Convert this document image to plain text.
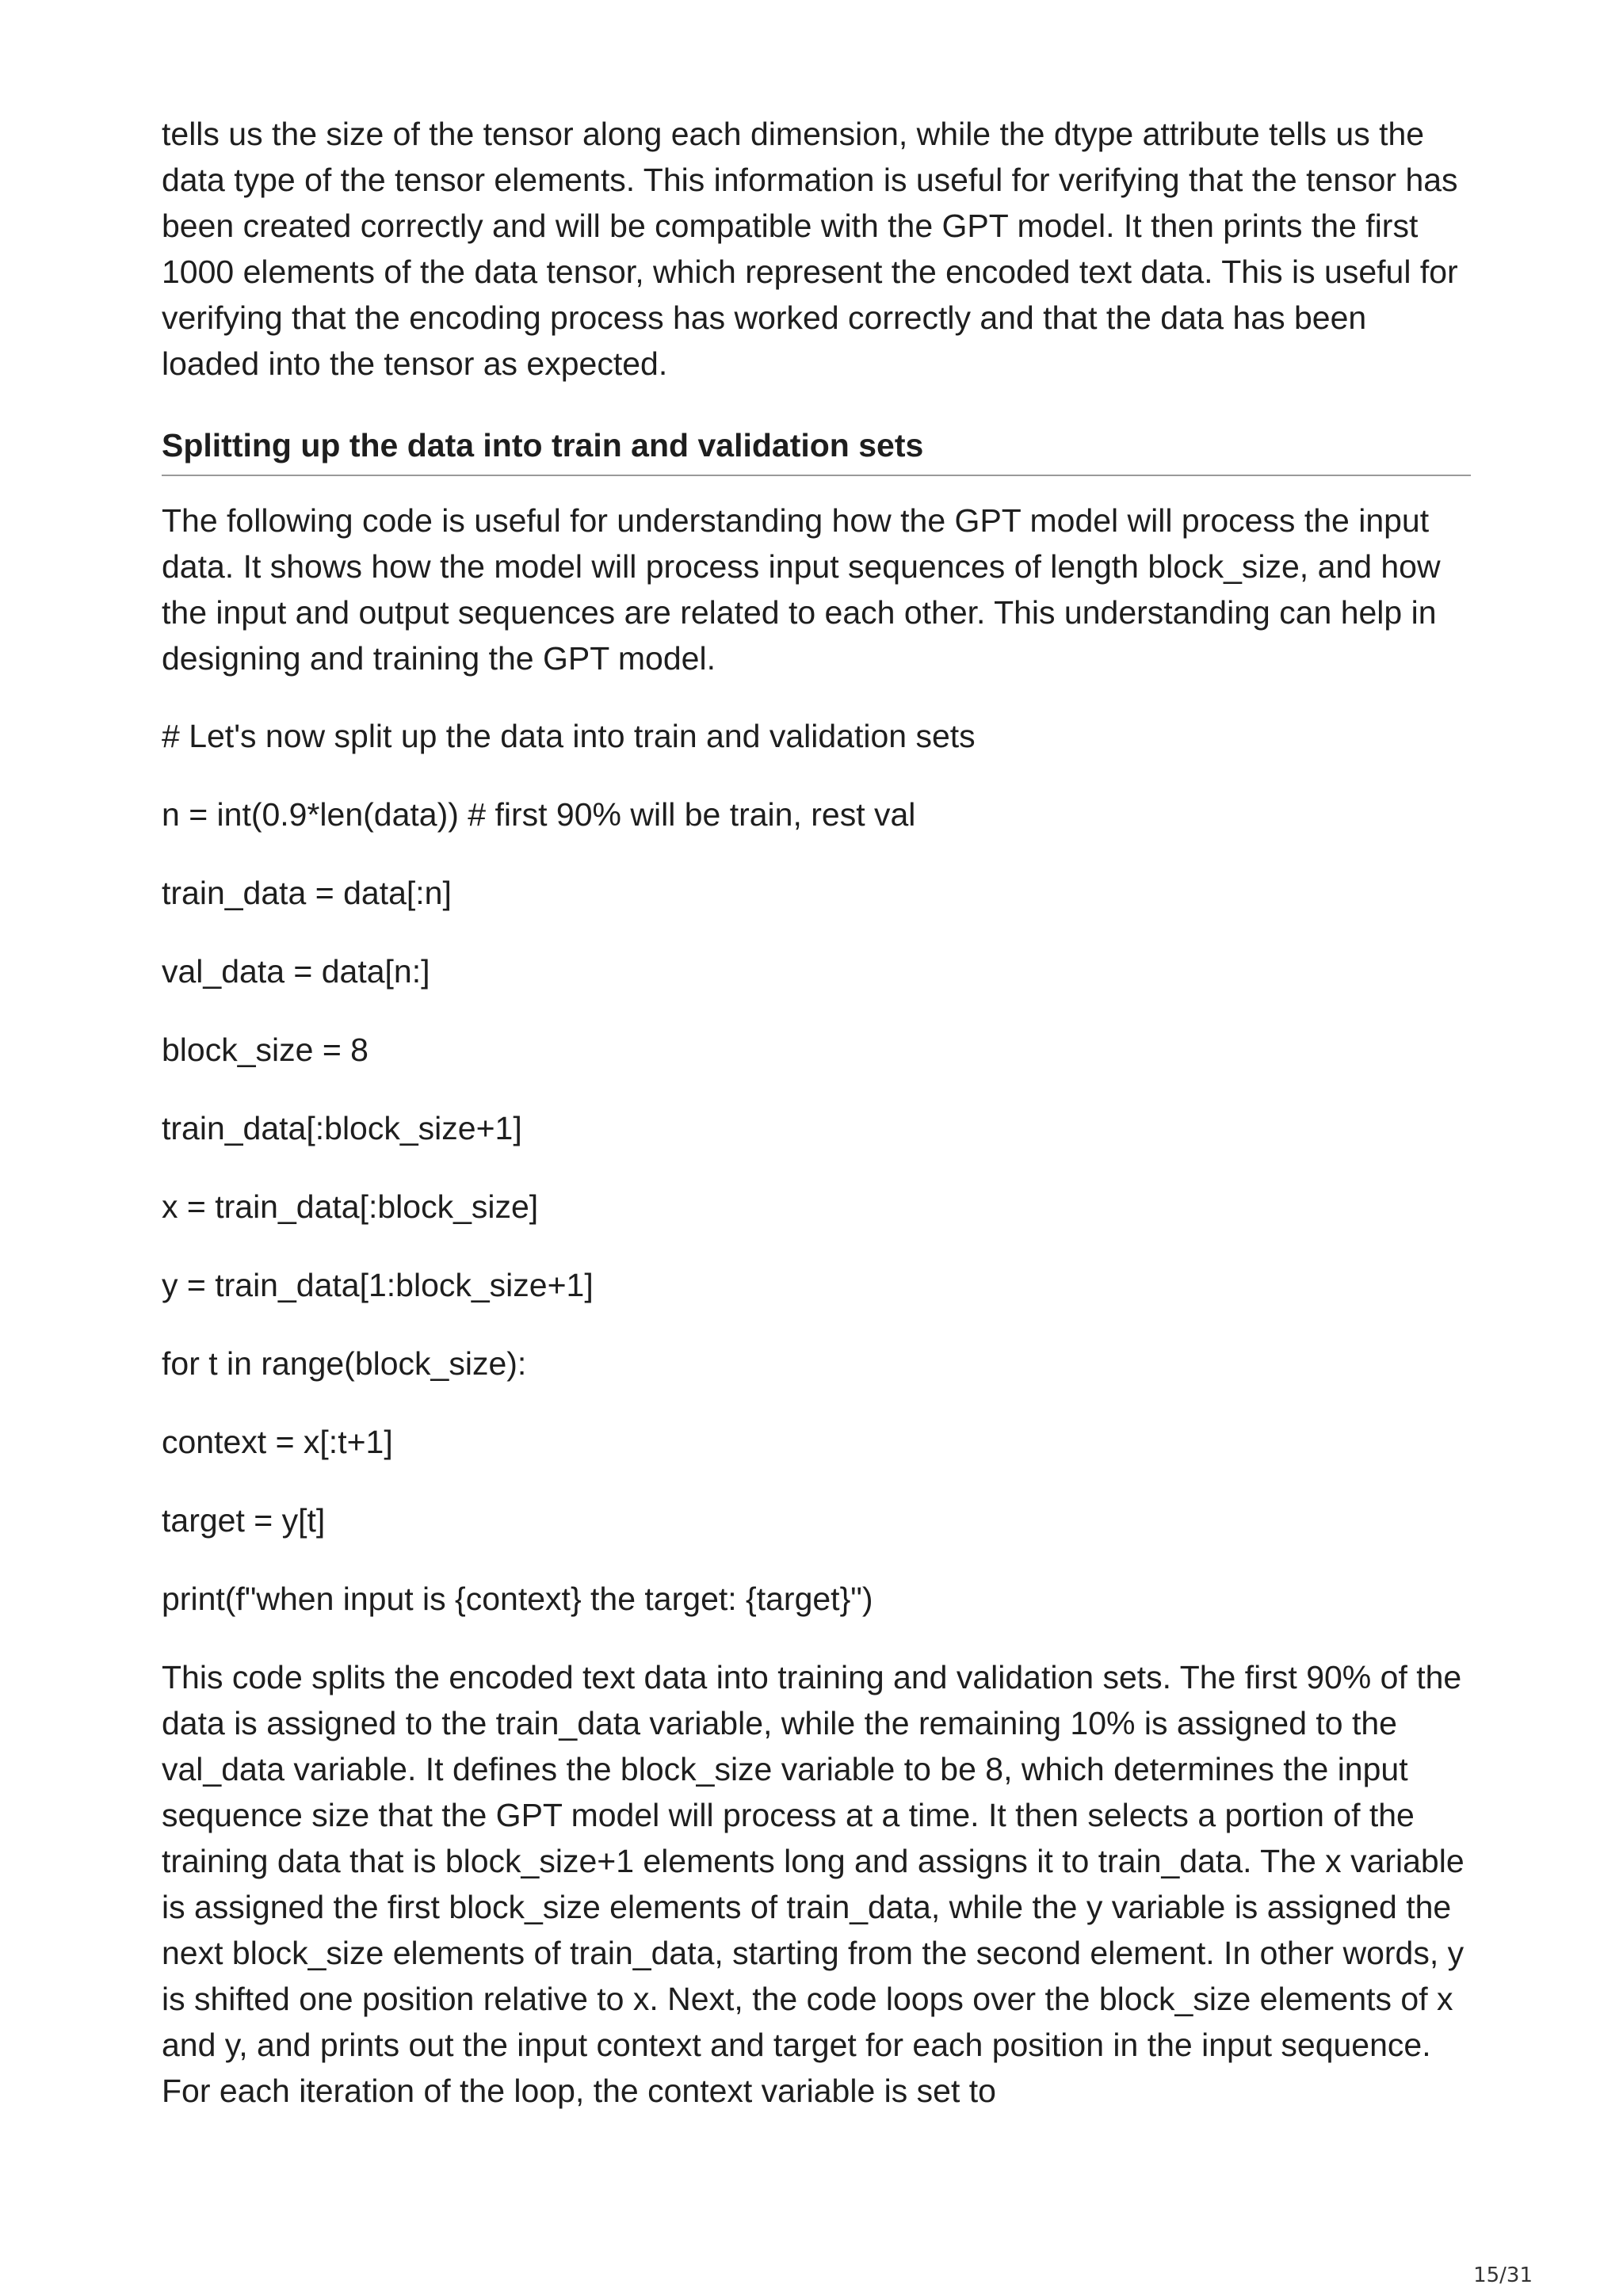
tells us the size of the tensor along each dimension, while the dtype attribute tells us the data type of the tensor elements. This information is useful for verifying that the tensor has been created correctly and will be compatible with the GPT model. It then prints the first 1000 elements of the data tensor, which represent the encoded text data. This is useful for verifying that the encoding process has worked correctly and that the data has been loaded into the tensor as expected.

Splitting up the data into train and validation sets

The following code is useful for understanding how the GPT model will process the input data. It shows how the model will process input sequences of length block_size, and how the input and output sequences are related to each other. This understanding can help in designing and training the GPT model.

# Let's now split up the data into train and validation sets

n = int(0.9*len(data)) # first 90% will be train, rest val

train_data = data[:n]

val_data = data[n:]

block_size = 8

train_data[:block_size+1]

x = train_data[:block_size]

y = train_data[1:block_size+1]

for t in range(block_size):

context = x[:t+1]

target = y[t]

print(f"when input is {context} the target: {target}")

This code splits the encoded text data into training and validation sets. The first 90% of the data is assigned to the train_data variable, while the remaining 10% is assigned to the val_data variable. It defines the block_size variable to be 8, which determines the input sequence size that the GPT model will process at a time. It then selects a portion of the training data that is block_size+1 elements long and assigns it to train_data. The x variable is assigned the first block_size elements of train_data, while the y variable is assigned the next block_size elements of train_data, starting from the second element. In other words, y is shifted one position relative to x. Next, the code loops over the block_size elements of x and y, and prints out the input context and target for each position in the input sequence. For each iteration of the loop, the context variable is set to

15/31
